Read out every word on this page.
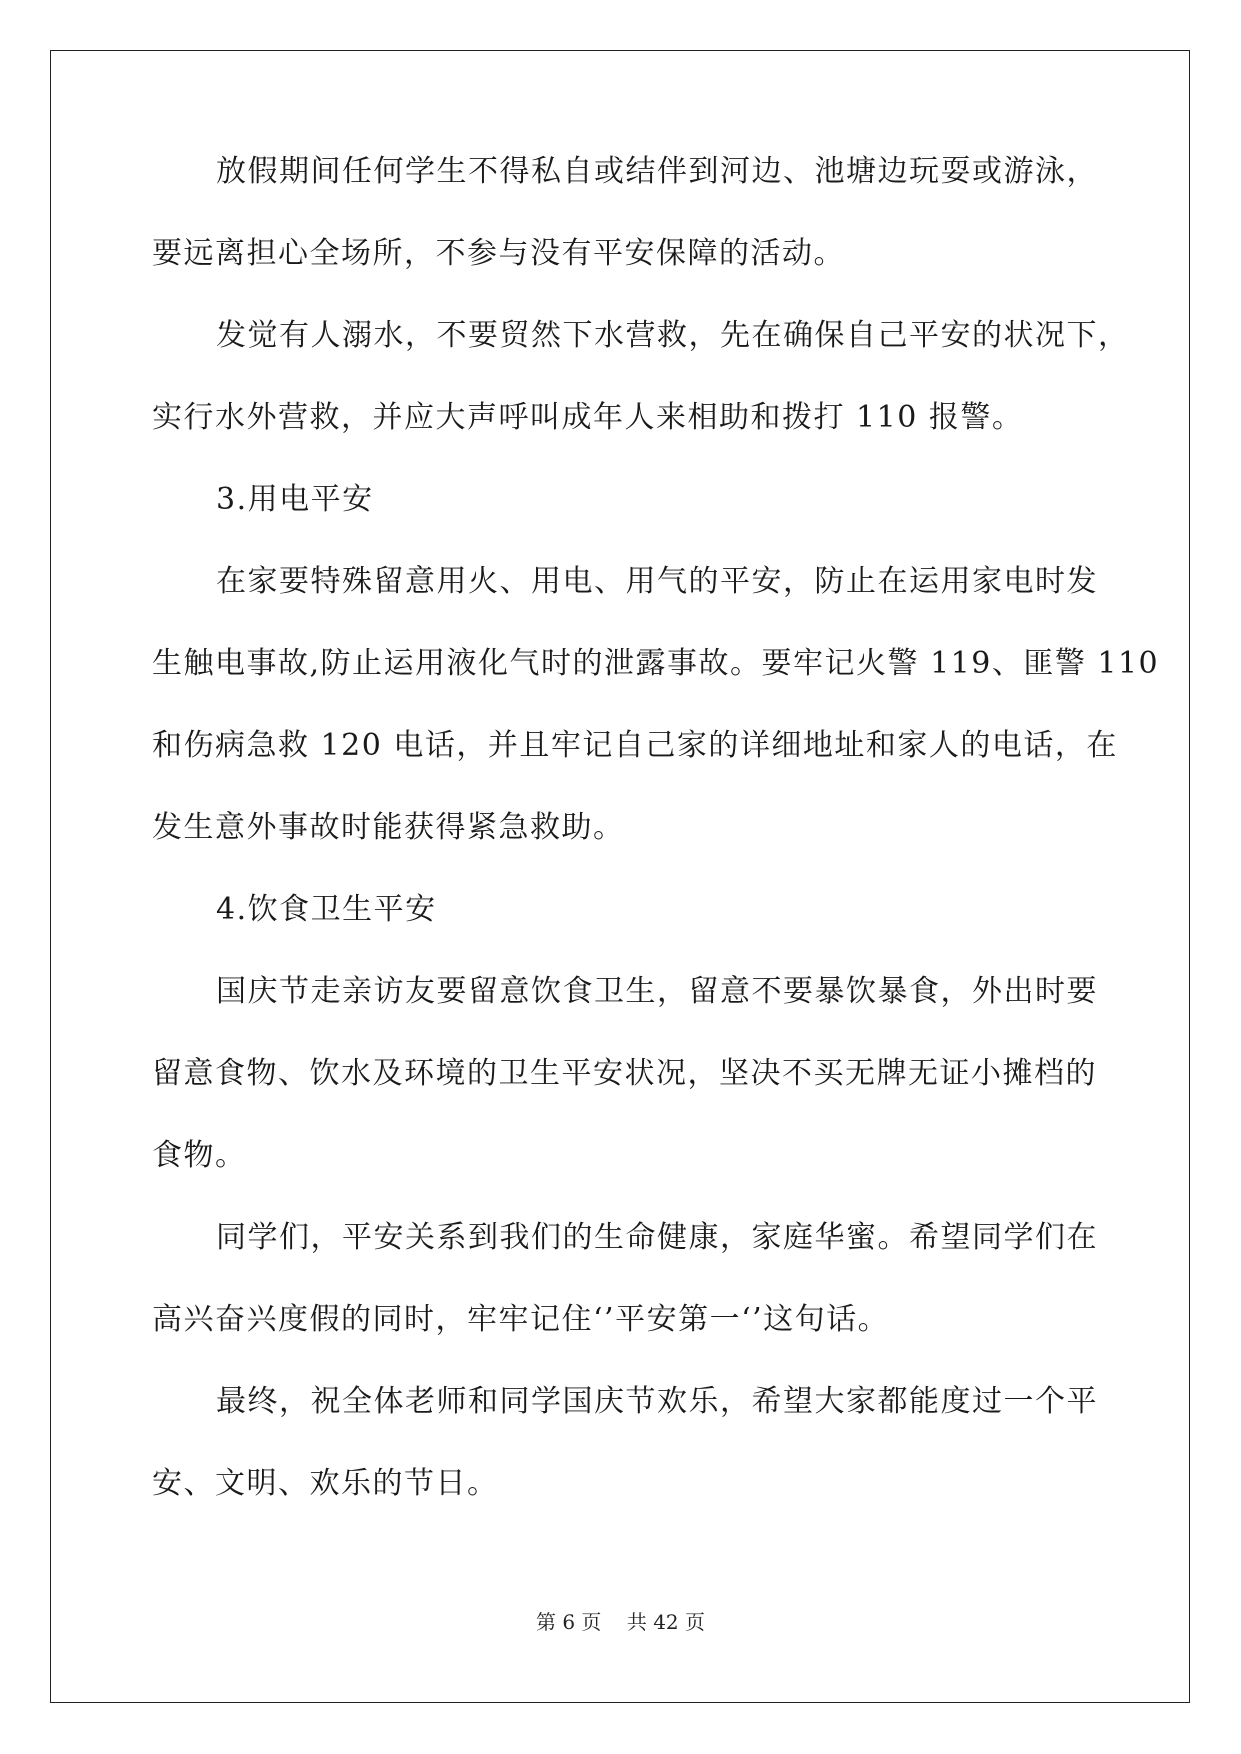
放假期间任何学生不得私自或结伴到河边、池塘边玩耍或游泳，

要远离担心全场所，不参与没有平安保障的活动。

发觉有人溺水，不要贸然下水营救，先在确保自己平安的状况下，

实行水外营救，并应大声呼叫成年人来相助和拨打 110 报警。

3.用电平安

在家要特殊留意用火、用电、用气的平安，防止在运用家电时发

生触电事故,防止运用液化气时的泄露事故。要牢记火警 119、匪警 110

和伤病急救 120 电话，并且牢记自己家的详细地址和家人的电话，在

发生意外事故时能获得紧急救助。

4.饮食卫生平安

国庆节走亲访友要留意饮食卫生，留意不要暴饮暴食，外出时要

留意食物、饮水及环境的卫生平安状况，坚决不买无牌无证小摊档的

食物。

同学们，平安关系到我们的生命健康，家庭华蜜。希望同学们在

高兴奋兴度假的同时，牢牢记住‘’平安第一‘’这句话。

最终，祝全体老师和同学国庆节欢乐，希望大家都能度过一个平

安、文明、欢乐的节日。

第 6 页    共 42 页
